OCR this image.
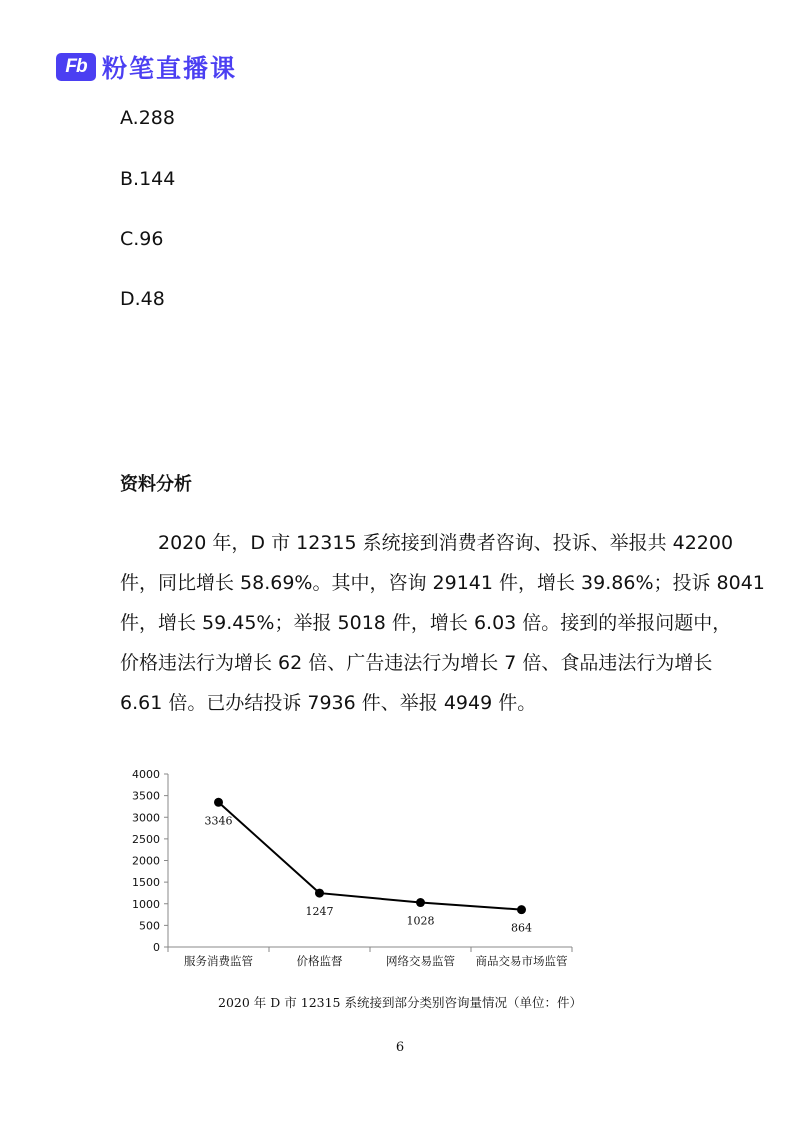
Fb 粉笔直播课
A.288
B.144
C.96
D.48
资料分析

2020 年，D 市 12315 系统接到消费者咨询、投诉、举报共 42200
件，同比增长 58.69%。其中，咨询 29141 件，增长 39.86%；投诉 8041
件，增长 59.45%；举报 5018 件，增长 6.03 倍。接到的举报问题中，
价格违法行为增长 62 倍、广告违法行为增长 7 倍、食品违法行为增长
6.61 倍。已办结投诉 7936 件、举报 4949 件。

0
500
1000
1500
2000
2500
3000
3500
4000
服务消费监管	价格监督	网络交易监管 商品交易市场监管
3346
1247
1028
864
2020 年 D 市 12315 系统接到部分类别咨询量情况（单位：件）
6
